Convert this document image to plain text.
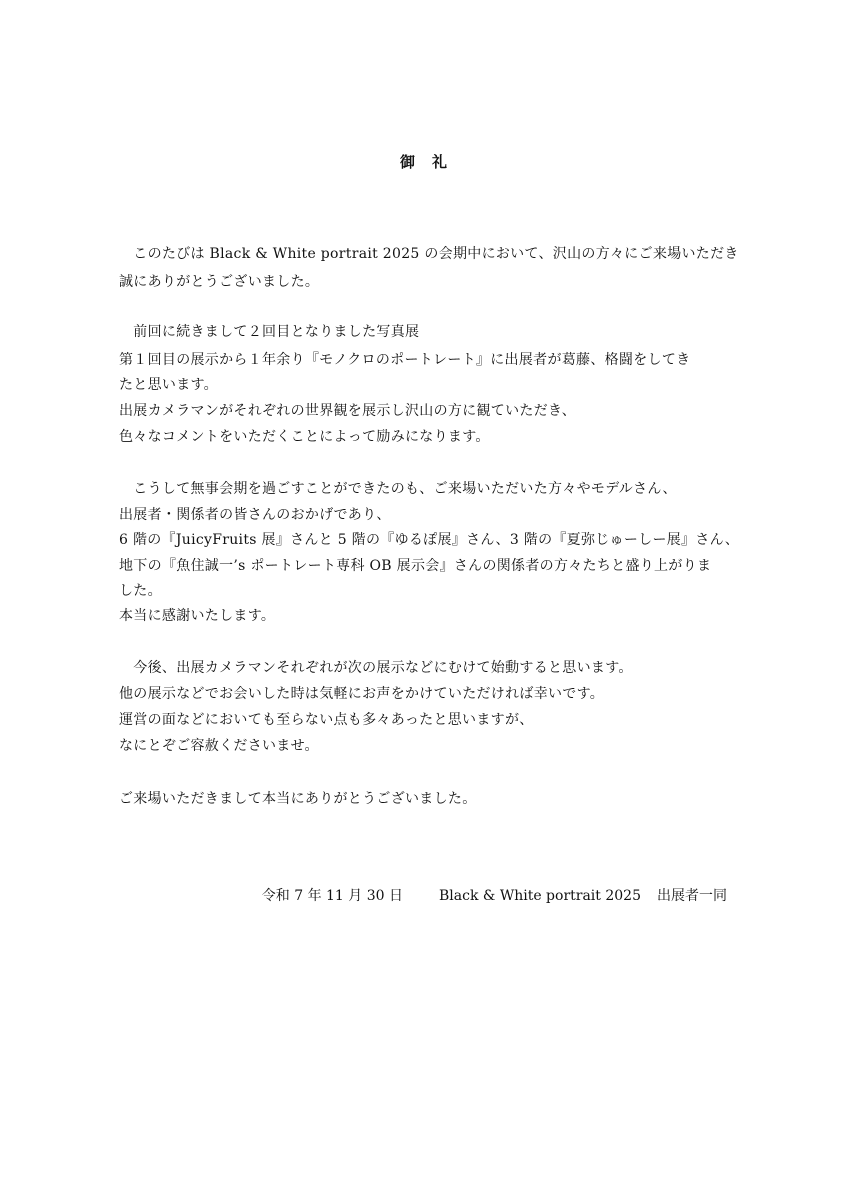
御　礼
　このたびは Black & White portrait 2025 の会期中において、沢山の方々にご来場いただき
誠にありがとうございました。
　前回に続きまして２回目となりました写真展
第１回目の展示から１年余り『モノクロのポートレート』に出展者が葛藤、格闘をしてき
たと思います。
出展カメラマンがそれぞれの世界観を展示し沢山の方に観ていただき、
色々なコメントをいただくことによって励みになります。
　こうして無事会期を過ごすことができたのも、ご来場いただいた方々やモデルさん、
出展者・関係者の皆さんのおかげであり、
6 階の『JuicyFruits 展』さんと 5 階の『ゆるぽ展』さん、3 階の『夏弥じゅーしー展』さん、
地下の『魚住誠一’s ポートレート専科 OB 展示会』さんの関係者の方々たちと盛り上がりま
した。
本当に感謝いたします。
　今後、出展カメラマンそれぞれが次の展示などにむけて始動すると思います。
他の展示などでお会いした時は気軽にお声をかけていただければ幸いです。
運営の面などにおいても至らない点も多々あったと思いますが、
なにとぞご容赦くださいませ。
ご来場いただきまして本当にありがとうございました。
令和 7 年 11 月 30 日	Black & White portrait 2025 出展者一同
